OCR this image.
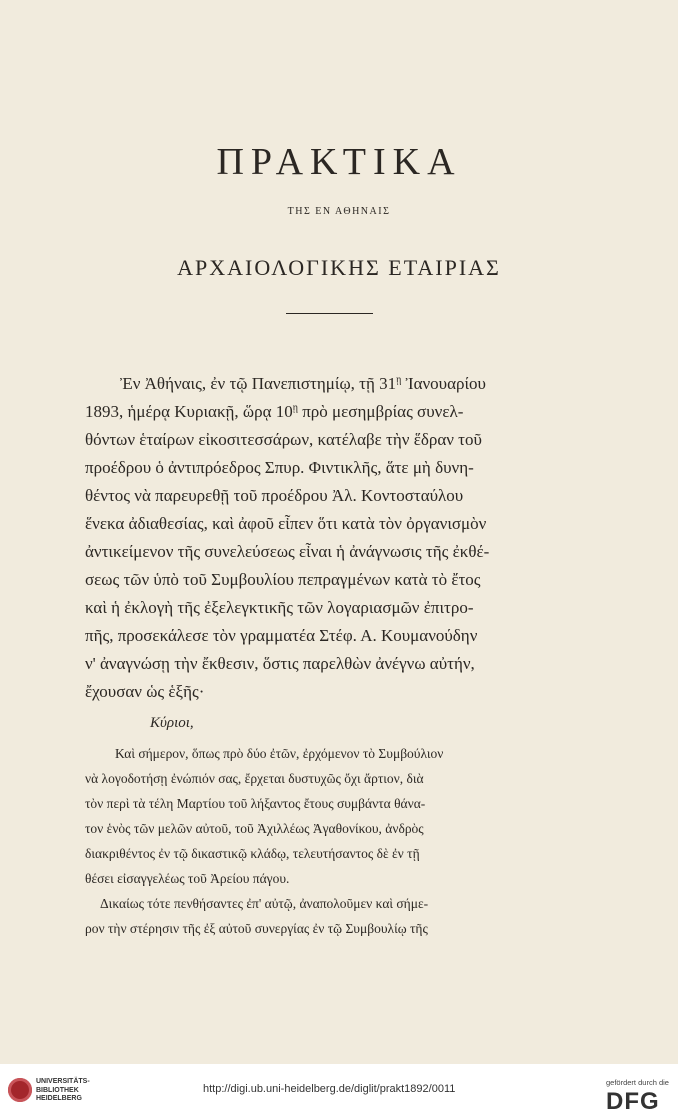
ΠΡΑΚΤΙΚΑ
ΤΗΣ ΕΝ ΑΘΗΝΑΙΣ
ΑΡΧΑΙΟΛΟΓΙΚΗΣ ΕΤΑΙΡΙΑΣ
Ἐν Ἀθήναις, ἐν τῷ Πανεπιστημίῳ, τῇ $31^ῃ$ Ἰανουαρίου
1893, ἡμέρᾳ Κυριακῇ, ὥρᾳ $10^ῃ$ πρὸ μεσημβρίας συνελ-
θόντων ἑταίρων εἰκοσιτεσσάρων, κατέλαβε τὴν ἕδραν τοῦ
προέδρου ὁ ἀντιπρόεδρος Σπυρ. Φιντικλῆς, ἅτε μὴ δυνη-
θέντος νὰ παρευρεθῇ τοῦ προέδρου Ἀλ. Κοντοσταύλου
ἕνεκα ἀδιαθεσίας, καὶ ἀφοῦ εἶπεν ὅτι κατὰ τὸν ὀργανισμὸν
ἀντικείμενον τῆς συνελεύσεως εἶναι ἡ ἀνάγνωσις τῆς ἐκθέ-
σεως τῶν ὑπὸ τοῦ Συμβουλίου πεπραγμένων κατὰ τὸ ἔτος
καὶ ἡ ἐκλογὴ τῆς ἐξελεγκτικῆς τῶν λογαριασμῶν ἐπιτρο-
πῆς, προσεκάλεσε τὸν γραμματέα Στέφ. Α. Κουμανούδην
ν' ἀναγνώσῃ τὴν ἔκθεσιν, ὅστις παρελθὼν ἀνέγνω αὐτήν,
ἔχουσαν ὡς ἑξῆς·
Κύριοι,
Καὶ σήμερον, ὅπως πρὸ δύο ἐτῶν, ἐρχόμενον τὸ Συμβούλιον
νὰ λογοδοτήσῃ ἐνώπιόν σας, ἔρχεται δυστυχῶς ὄχι ἄρτιον, διὰ
τὸν περὶ τὰ τέλη Μαρτίου τοῦ λήξαντος ἔτους συμβάντα θάνα-
τον ἑνὸς τῶν μελῶν αὐτοῦ, τοῦ Ἀχιλλέως Ἀγαθονίκου, ἀνδρὸς
διακριθέντος ἐν τῷ δικαστικῷ κλάδῳ, τελευτήσαντος δὲ ἐν τῇ
θέσει εἰσαγγελέως τοῦ Ἀρείου πάγου.
Δικαίως τότε πενθήσαντες ἐπ' αὐτῷ, ἀναπολοῦμεν καὶ σήμε-
ρον τὴν στέρησιν τῆς ἐξ αὐτοῦ συνεργίας ἐν τῷ Συμβουλίῳ τῆς
UNIVERSITÄTS-
BIBLIOTHEK
HEIDELBERG
http://digi.ub.uni-heidelberg.de/diglit/prakt1892/0011
gefördert durch die
DFG
